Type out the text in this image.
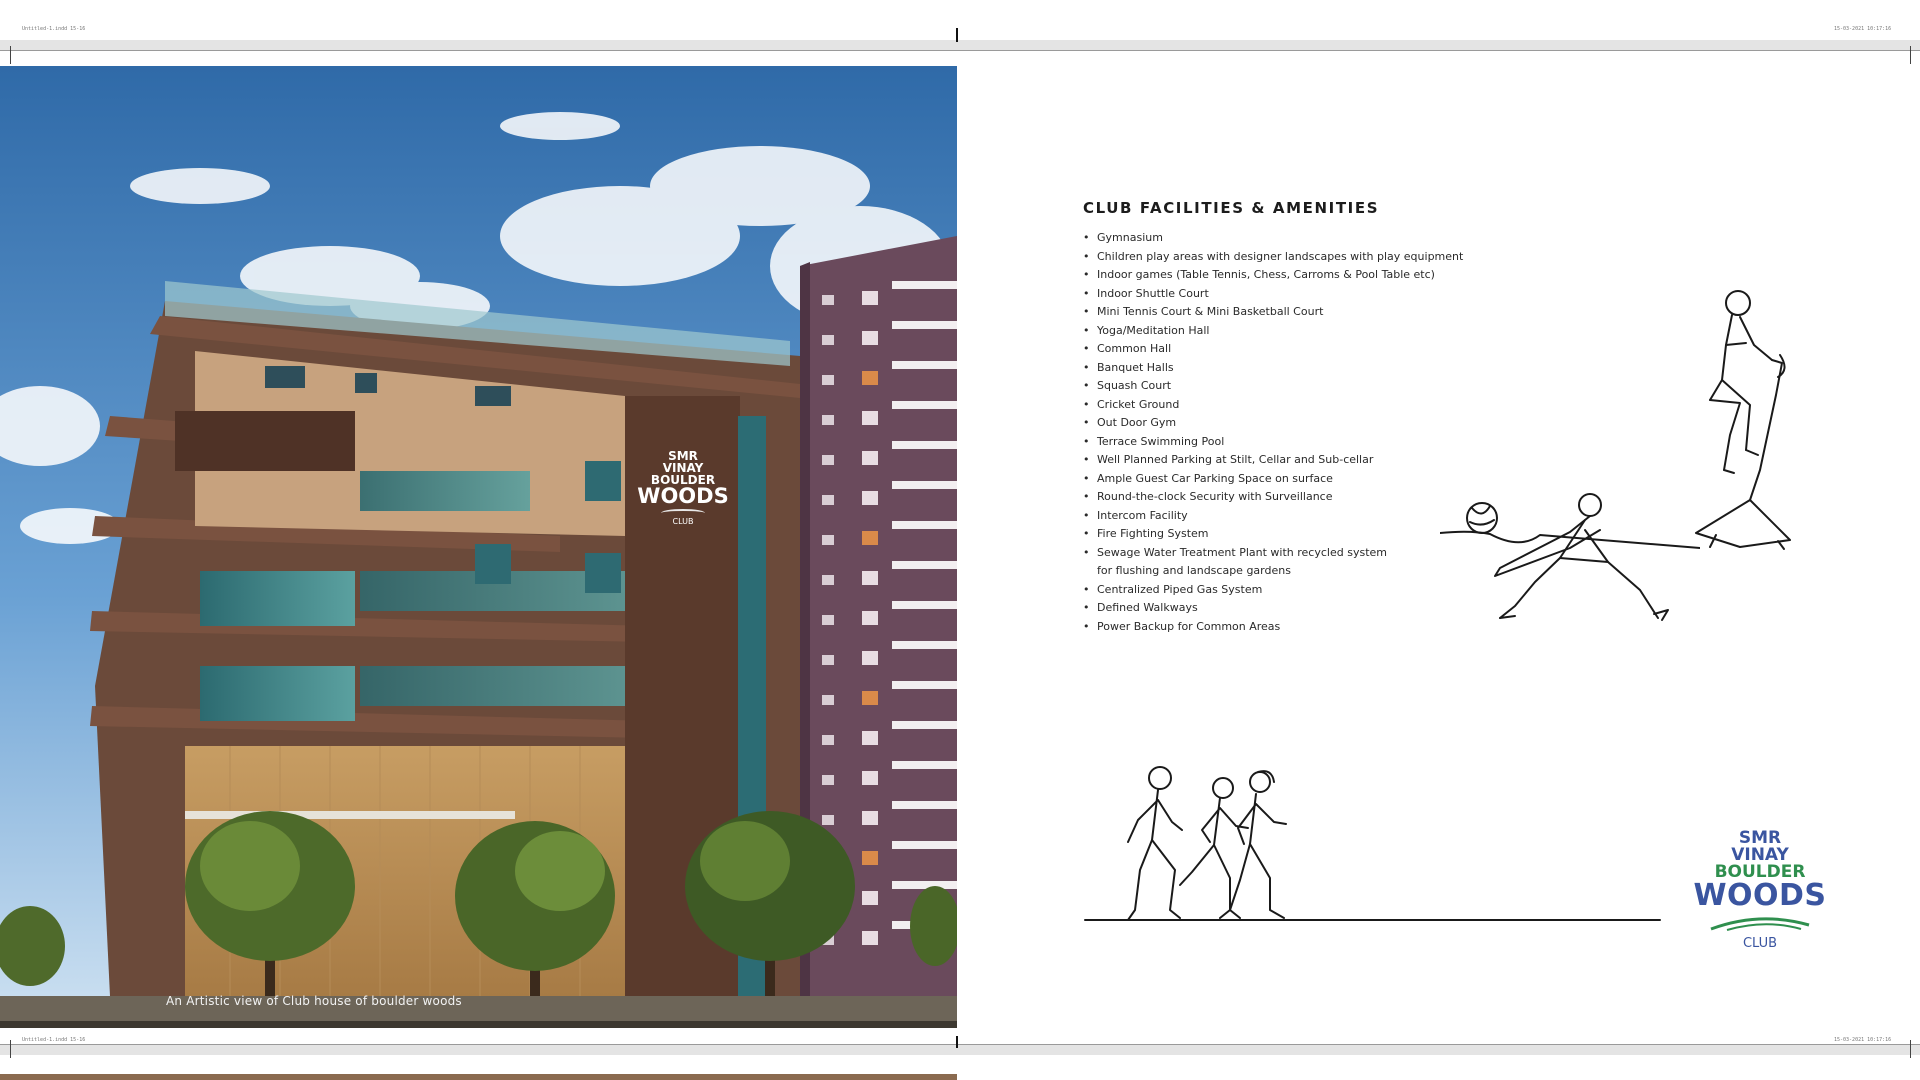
Untitled-1.indd 15-16	15-03-2021 10:17:16
Untitled-1.indd 15-16	15-03-2021 10:17:16
SMR
VINAY
BOULDER
WOODS
CLUB
An Artistic view of Club house of boulder woods
CLUB FACILITIES & AMENITIES
• Gymnasium
• Children play areas with designer landscapes with play equipment
• Indoor games (Table Tennis, Chess, Carroms & Pool Table etc)
• Indoor Shuttle Court
• Mini Tennis Court & Mini Basketball Court
• Yoga/Meditation Hall
• Common Hall
• Banquet Halls
• Squash Court
• Cricket Ground
• Out Door Gym
• Terrace Swimming Pool
• Well Planned Parking at Stilt, Cellar and Sub-cellar
• Ample Guest Car Parking Space on surface
• Round-the-clock Security with Surveillance
• Intercom Facility
• Fire Fighting System
• Sewage Water Treatment Plant with recycled system
for flushing and landscape gardens
• Centralized Piped Gas System
• Defined Walkways
• Power Backup for Common Areas
SMR
VINAY
BOULDER
WOODS
CLUB
